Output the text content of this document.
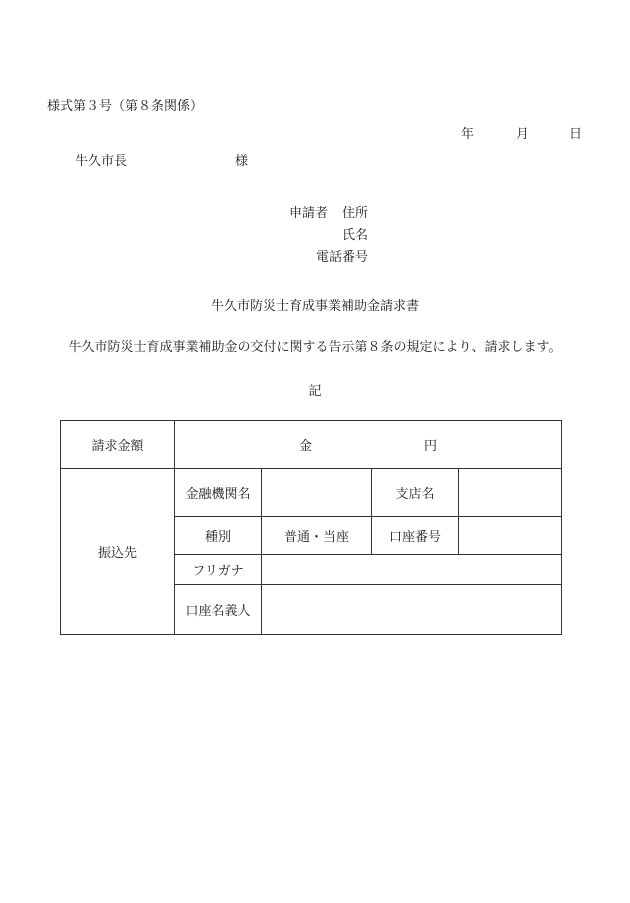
様式第３号（第８条関係）
年	月	日
牛久市長	様
申請者 住所
氏名
電話番号
牛久市防災士育成事業補助金請求書
牛久市防災士育成事業補助金の交付に関する告示第８条の規定により、請求します。
記
請求金額	金 円			
振込先	金融機関名		支店名	
	種別	普通・当座	口座番号	
	フリガナ			
	口座名義人			
